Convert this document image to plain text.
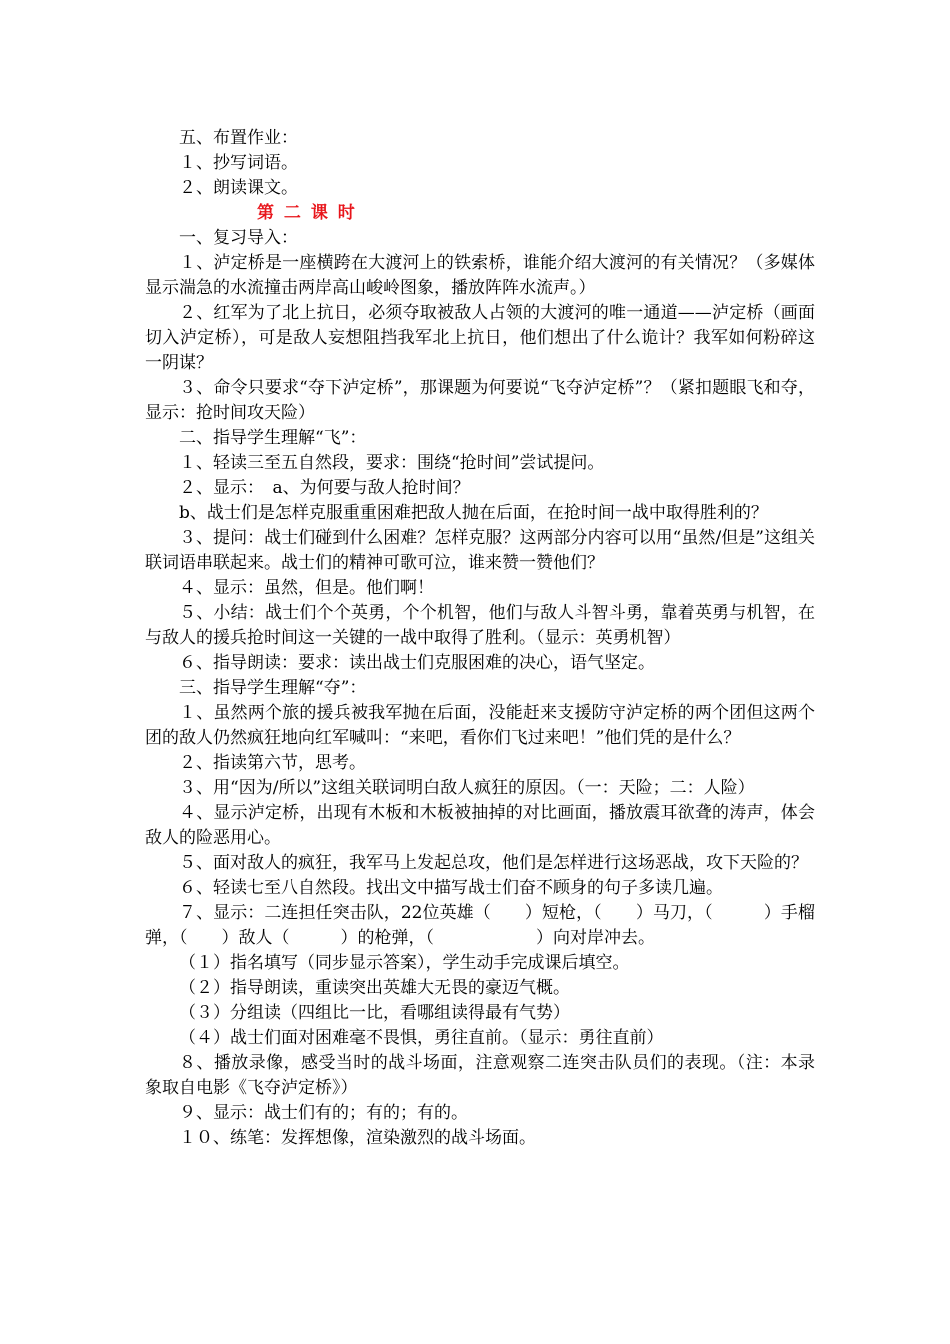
五、布置作业：

１、抄写词语。

２、朗读课文。

第 二 课 时

一、复习导入：

１、泸定桥是一座横跨在大渡河上的铁索桥，谁能介绍大渡河的有关情况？（多媒体显示湍急的水流撞击两岸高山峻岭图象，播放阵阵水流声。）

２、红军为了北上抗日，必须夺取被敌人占领的大渡河的唯一通道——泸定桥（画面切入泸定桥），可是敌人妄想阻挡我军北上抗日，他们想出了什么诡计？我军如何粉碎这一阴谋？

３、命令只要求“夺下泸定桥”，那课题为何要说“飞夺泸定桥”？（紧扣题眼飞和夺，显示：抢时间攻天险）

二、指导学生理解“飞”：

１、轻读三至五自然段，要求：围绕“抢时间”尝试提问。

２、显示：　a、为何要与敌人抢时间？

b、战士们是怎样克服重重困难把敌人抛在后面，在抢时间一战中取得胜利的？

３、提问：战士们碰到什么困难？怎样克服？这两部分内容可以用“虽然/但是”这组关联词语串联起来。战士们的精神可歌可泣，谁来赞一赞他们？

４、显示：虽然，但是。他们啊！

５、小结：战士们个个英勇，个个机智，他们与敌人斗智斗勇，靠着英勇与机智，在与敌人的援兵抢时间这一关键的一战中取得了胜利。（显示：英勇机智）

６、指导朗读：要求：读出战士们克服困难的决心，语气坚定。

三、指导学生理解“夺”：

１、虽然两个旅的援兵被我军抛在后面，没能赶来支援防守泸定桥的两个团但这两个团的敌人仍然疯狂地向红军喊叫：“来吧，看你们飞过来吧！”他们凭的是什么？

２、指读第六节，思考。

３、用“因为/所以”这组关联词明白敌人疯狂的原因。（一：天险；二：人险）

４、显示泸定桥，出现有木板和木板被抽掉的对比画面，播放震耳欲聋的涛声，体会敌人的险恶用心。

５、面对敌人的疯狂，我军马上发起总攻，他们是怎样进行这场恶战，攻下天险的？

６、轻读七至八自然段。找出文中描写战士们奋不顾身的句子多读几遍。

７、显示：二连担任突击队，22位英雄（　　）短枪，（　　）马刀，（　　　）手榴弹，（　　）敌人（　　　）的枪弹，（　　　　　　）向对岸冲去。

（１）指名填写（同步显示答案），学生动手完成课后填空。

（２）指导朗读，重读突出英雄大无畏的豪迈气概。

（３）分组读（四组比一比，看哪组读得最有气势）

（４）战士们面对困难毫不畏惧，勇往直前。（显示：勇往直前）

８、播放录像，感受当时的战斗场面，注意观察二连突击队员们的表现。（注：本录象取自电影《飞夺泸定桥》）

９、显示：战士们有的；有的；有的。

１０、练笔：发挥想像，渲染激烈的战斗场面。
